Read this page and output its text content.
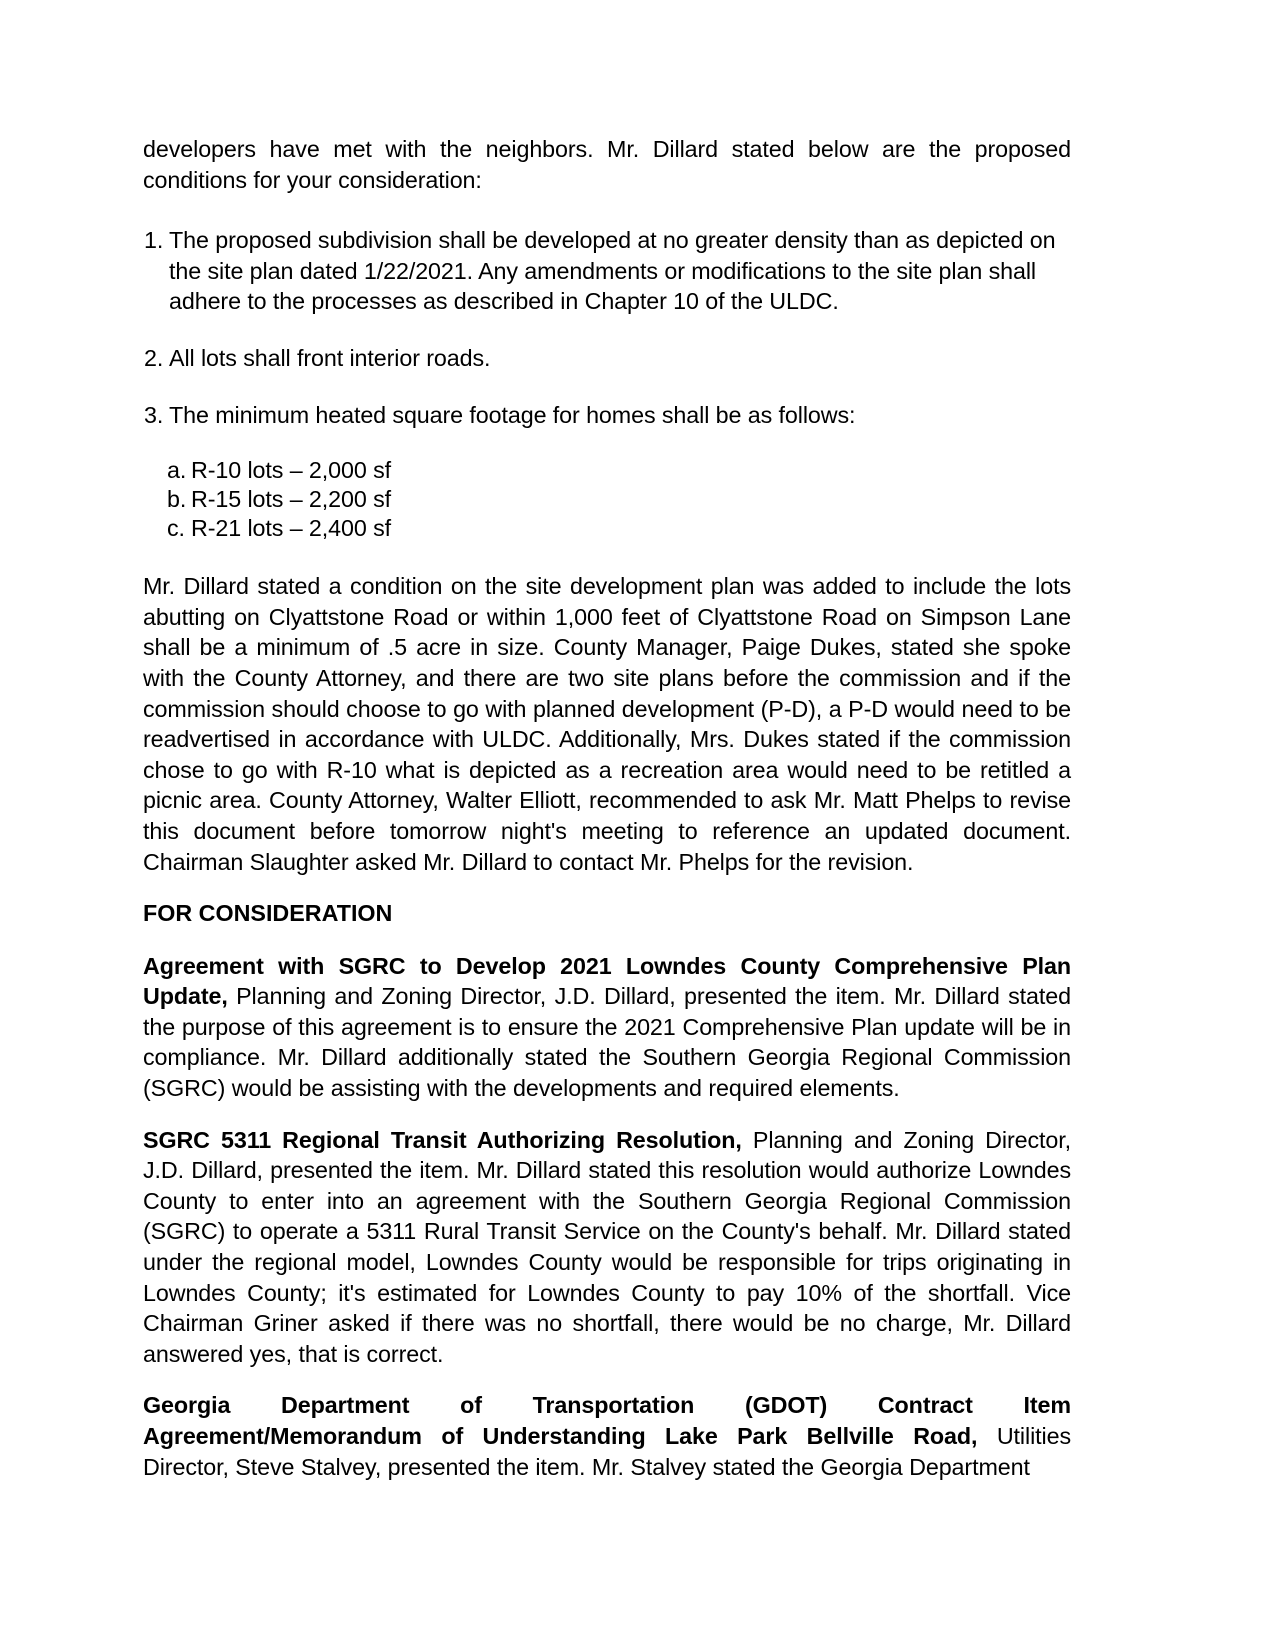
developers have met with the neighbors. Mr. Dillard stated below are the proposed conditions for your consideration:

1. The proposed subdivision shall be developed at no greater density than as depicted on the site plan dated 1/22/2021. Any amendments or modifications to the site plan shall adhere to the processes as described in Chapter 10 of the ULDC.
2. All lots shall front interior roads.
3. The minimum heated square footage for homes shall be as follows:
a. R-10 lots – 2,000 sf
b. R-15 lots – 2,200 sf
c. R-21 lots – 2,400 sf

Mr. Dillard stated a condition on the site development plan was added to include the lots abutting on Clyattstone Road or within 1,000 feet of Clyattstone Road on Simpson Lane shall be a minimum of .5 acre in size. County Manager, Paige Dukes, stated she spoke with the County Attorney, and there are two site plans before the commission and if the commission should choose to go with planned development (P-D), a P-D would need to be readvertised in accordance with ULDC. Additionally, Mrs. Dukes stated if the commission chose to go with R-10 what is depicted as a recreation area would need to be retitled a picnic area. County Attorney, Walter Elliott, recommended to ask Mr. Matt Phelps to revise this document before tomorrow night's meeting to reference an updated document. Chairman Slaughter asked Mr. Dillard to contact Mr. Phelps for the revision.

FOR CONSIDERATION

Agreement with SGRC to Develop 2021 Lowndes County Comprehensive Plan Update, Planning and Zoning Director, J.D. Dillard, presented the item. Mr. Dillard stated the purpose of this agreement is to ensure the 2021 Comprehensive Plan update will be in compliance. Mr. Dillard additionally stated the Southern Georgia Regional Commission (SGRC) would be assisting with the developments and required elements.

SGRC 5311 Regional Transit Authorizing Resolution, Planning and Zoning Director, J.D. Dillard, presented the item. Mr. Dillard stated this resolution would authorize Lowndes County to enter into an agreement with the Southern Georgia Regional Commission (SGRC) to operate a 5311 Rural Transit Service on the County's behalf. Mr. Dillard stated under the regional model, Lowndes County would be responsible for trips originating in Lowndes County; it's estimated for Lowndes County to pay 10% of the shortfall. Vice Chairman Griner asked if there was no shortfall, there would be no charge, Mr. Dillard answered yes, that is correct.

Georgia Department of Transportation (GDOT) Contract Item Agreement/Memorandum of Understanding Lake Park Bellville Road, Utilities Director, Steve Stalvey, presented the item. Mr. Stalvey stated the Georgia Department
